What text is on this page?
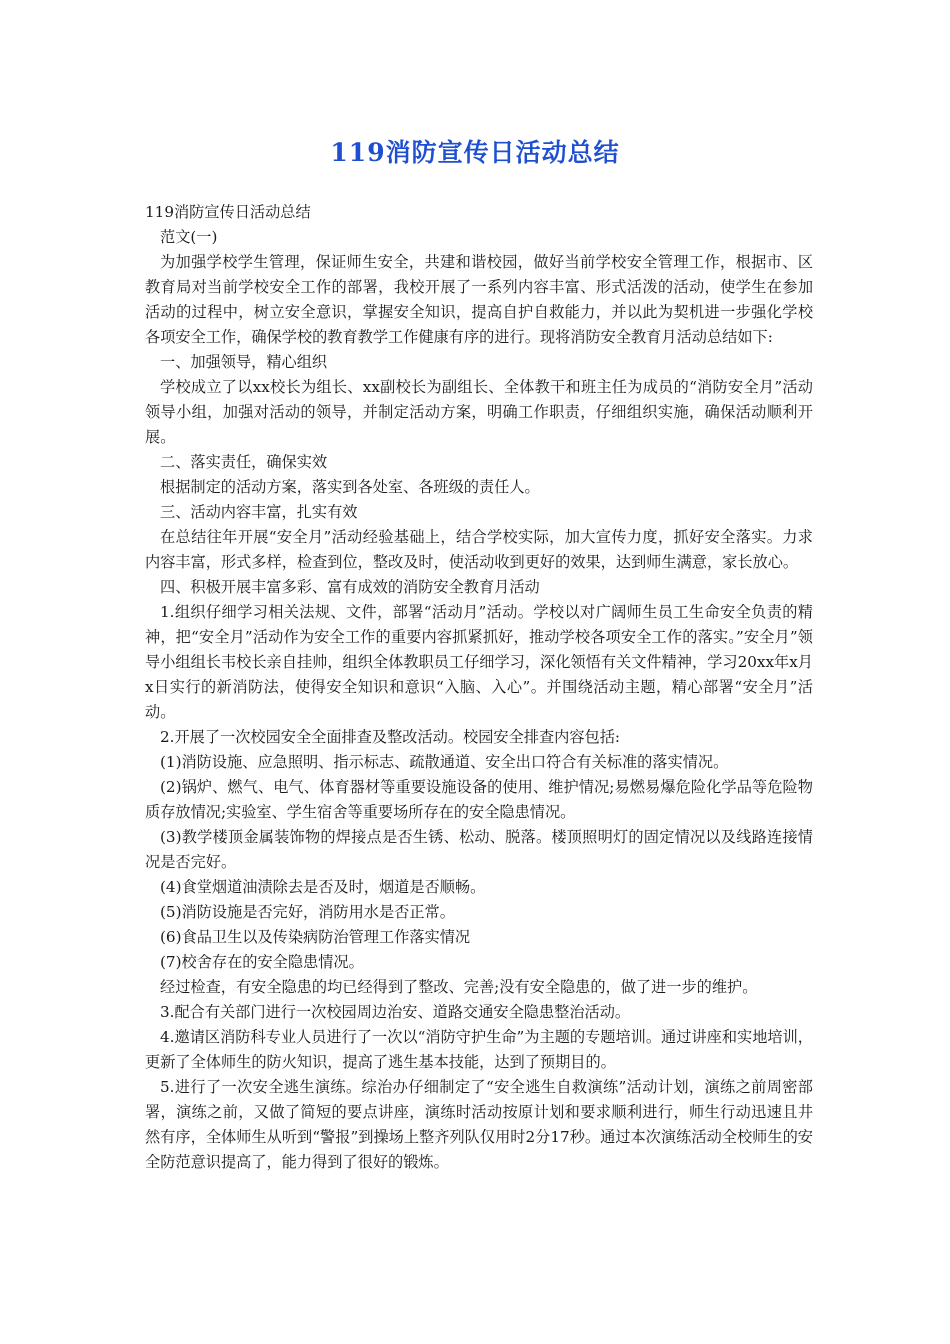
119消防宣传日活动总结

119消防宣传日活动总结

范文(一)

为加强学校学生管理，保证师生安全，共建和谐校园，做好当前学校安全管理工作，根据市、区教育局对当前学校安全工作的部署，我校开展了一系列内容丰富、形式活泼的活动，使学生在参加活动的过程中，树立安全意识，掌握安全知识，提高自护自救能力，并以此为契机进一步强化学校各项安全工作，确保学校的教育教学工作健康有序的进行。现将消防安全教育月活动总结如下:

一、加强领导，精心组织

学校成立了以xx校长为组长、xx副校长为副组长、全体教干和班主任为成员的“消防安全月”活动领导小组，加强对活动的领导，并制定活动方案，明确工作职责，仔细组织实施，确保活动顺利开展。

二、落实责任，确保实效

根据制定的活动方案，落实到各处室、各班级的责任人。

三、活动内容丰富，扎实有效

在总结往年开展“安全月”活动经验基础上，结合学校实际，加大宣传力度，抓好安全落实。力求内容丰富，形式多样，检查到位，整改及时，使活动收到更好的效果，达到师生满意，家长放心。

四、积极开展丰富多彩、富有成效的消防安全教育月活动

1.组织仔细学习相关法规、文件，部署“活动月”活动。学校以对广阔师生员工生命安全负责的精神，把“安全月”活动作为安全工作的重要内容抓紧抓好，推动学校各项安全工作的落实。”安全月”领导小组组长韦校长亲自挂帅，组织全体教职员工仔细学习，深化领悟有关文件精神，学习20xx年x月x日实行的新消防法，使得安全知识和意识“入脑、入心”。并围绕活动主题，精心部署“安全月”活动。

2.开展了一次校园安全全面排查及整改活动。校园安全排查内容包括:

(1)消防设施、应急照明、指示标志、疏散通道、安全出口符合有关标准的落实情况。

(2)锅炉、燃气、电气、体育器材等重要设施设备的使用、维护情况;易燃易爆危险化学品等危险物质存放情况;实验室、学生宿舍等重要场所存在的安全隐患情况。

(3)教学楼顶金属装饰物的焊接点是否生锈、松动、脱落。楼顶照明灯的固定情况以及线路连接情况是否完好。

(4)食堂烟道油渍除去是否及时，烟道是否顺畅。

(5)消防设施是否完好，消防用水是否正常。

(6)食品卫生以及传染病防治管理工作落实情况

(7)校舍存在的安全隐患情况。

经过检查，有安全隐患的均已经得到了整改、完善;没有安全隐患的，做了进一步的维护。

3.配合有关部门进行一次校园周边治安、道路交通安全隐患整治活动。

4.邀请区消防科专业人员进行了一次以“消防守护生命”为主题的专题培训。通过讲座和实地培训，更新了全体师生的防火知识，提高了逃生基本技能，达到了预期目的。

5.进行了一次安全逃生演练。综治办仔细制定了“安全逃生自救演练”活动计划，演练之前周密部署，演练之前，又做了简短的要点讲座，演练时活动按原计划和要求顺利进行，师生行动迅速且井然有序，全体师生从听到“警报”到操场上整齐列队仅用时2分17秒。通过本次演练活动全校师生的安全防范意识提高了，能力得到了很好的锻炼。
